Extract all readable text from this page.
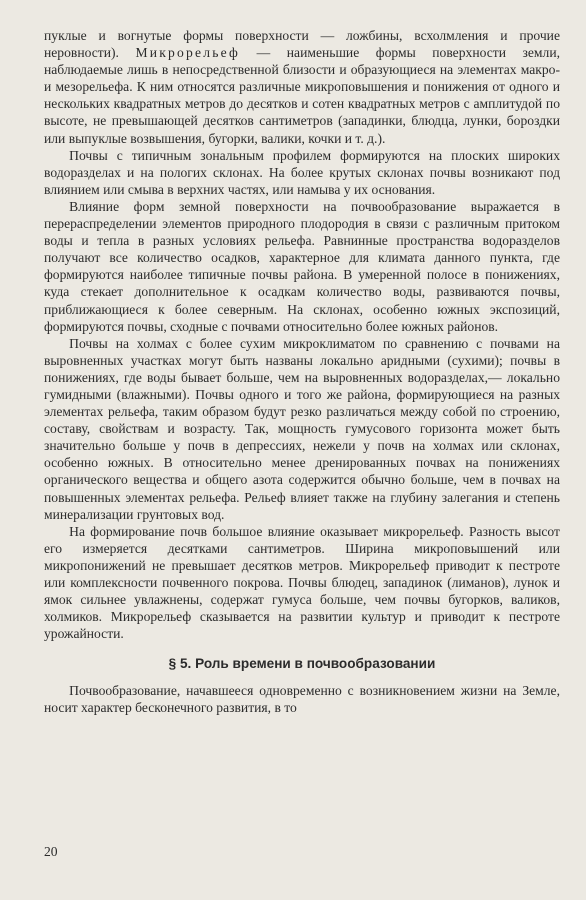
пуклые и вогнутые формы поверхности — ложбины, всхолмления и прочие неровности). Микрорельеф — наименьшие формы поверхности земли, наблюдаемые лишь в непосредственной близости и образующиеся на элементах макро- и мезорельефа. К ним относятся различные микроповышения и понижения от одного и нескольких квадратных метров до десятков и сотен квадратных метров с амплитудой по высоте, не превышающей десятков сантиметров (западинки, блюдца, лунки, бороздки или выпуклые возвышения, бугорки, валики, кочки и т. д.).

Почвы с типичным зональным профилем формируются на плоских широких водоразделах и на пологих склонах. На более крутых склонах почвы возникают под влиянием или смыва в верхних частях, или намыва у их основания.

Влияние форм земной поверхности на почвообразование выражается в перераспределении элементов природного плодородия в связи с различным притоком воды и тепла в разных условиях рельефа. Равнинные пространства водоразделов получают все количество осадков, характерное для климата данного пункта, где формируются наиболее типичные почвы района. В умеренной полосе в понижениях, куда стекает дополнительное к осадкам количество воды, развиваются почвы, приближающиеся к более северным. На склонах, особенно южных экспозиций, формируются почвы, сходные с почвами относительно более южных районов.

Почвы на холмах с более сухим микроклиматом по сравнению с почвами на выровненных участках могут быть названы локально аридными (сухими); почвы в понижениях, где воды бывает больше, чем на выровненных водоразделах,— локально гумидными (влажными). Почвы одного и того же района, формирующиеся на разных элементах рельефа, таким образом будут резко различаться между собой по строению, составу, свойствам и возрасту. Так, мощность гумусового горизонта может быть значительно больше у почв в депрессиях, нежели у почв на холмах или склонах, особенно южных. В относительно менее дренированных почвах на понижениях органического вещества и общего азота содержится обычно больше, чем в почвах на повышенных элементах рельефа. Рельеф влияет также на глубину залегания и степень минерализации грунтовых вод.

На формирование почв большое влияние оказывает микрорельеф. Разность высот его измеряется десятками сантиметров. Ширина микроповышений или микропонижений не превышает десятков метров. Микрорельеф приводит к пестроте или комплексности почвенного покрова. Почвы блюдец, западинок (лиманов), лунок и ямок сильнее увлажнены, содержат гумуса больше, чем почвы бугорков, валиков, холмиков. Микрорельеф сказывается на развитии культур и приводит к пестроте урожайности.

§ 5. Роль времени в почвообразовании

Почвообразование, начавшееся одновременно с возникновением жизни на Земле, носит характер бесконечного развития, в то

20
